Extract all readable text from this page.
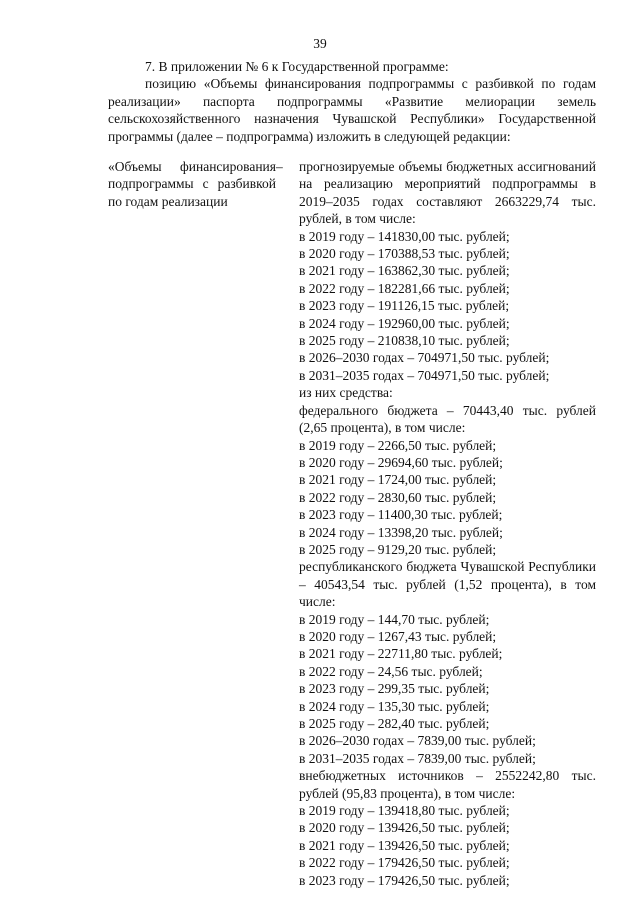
39

7. В приложении № 6 к Государственной программе:

позицию «Объемы финансирования подпрограммы с разбивкой по годам реализации» паспорта подпрограммы «Развитие мелиорации земель сельскохозяйственного назначения Чувашской Республики» Государственной программы (далее – подпрограмма) изложить в следующей редакции:

«Объемы финансирования подпрограммы с разбивкой по годам реализации
– прогнозируемые объемы бюджетных ассигнований на реализацию мероприятий подпрограммы в 2019–2035 годах составляют 2663229,74 тыс. рублей, в том числе:
в 2019 году – 141830,00 тыс. рублей;
в 2020 году – 170388,53 тыс. рублей;
в 2021 году – 163862,30 тыс. рублей;
в 2022 году – 182281,66 тыс. рублей;
в 2023 году – 191126,15 тыс. рублей;
в 2024 году – 192960,00 тыс. рублей;
в 2025 году – 210838,10 тыс. рублей;
в 2026–2030 годах – 704971,50 тыс. рублей;
в 2031–2035 годах – 704971,50 тыс. рублей;
из них средства:
федерального бюджета – 70443,40 тыс. рублей (2,65 процента), в том числе:
в 2019 году – 2266,50 тыс. рублей;
в 2020 году – 29694,60 тыс. рублей;
в 2021 году – 1724,00 тыс. рублей;
в 2022 году – 2830,60 тыс. рублей;
в 2023 году – 11400,30 тыс. рублей;
в 2024 году – 13398,20 тыс. рублей;
в 2025 году – 9129,20 тыс. рублей;
республиканского бюджета Чувашской Республики – 40543,54 тыс. рублей (1,52 процента), в том числе:
в 2019 году – 144,70 тыс. рублей;
в 2020 году – 1267,43 тыс. рублей;
в 2021 году – 22711,80 тыс. рублей;
в 2022 году – 24,56 тыс. рублей;
в 2023 году – 299,35 тыс. рублей;
в 2024 году – 135,30 тыс. рублей;
в 2025 году – 282,40 тыс. рублей;
в 2026–2030 годах – 7839,00 тыс. рублей;
в 2031–2035 годах – 7839,00 тыс. рублей;
внебюджетных источников – 2552242,80 тыс. рублей (95,83 процента), в том числе:
в 2019 году – 139418,80 тыс. рублей;
в 2020 году – 139426,50 тыс. рублей;
в 2021 году – 139426,50 тыс. рублей;
в 2022 году – 179426,50 тыс. рублей;
в 2023 году – 179426,50 тыс. рублей;
